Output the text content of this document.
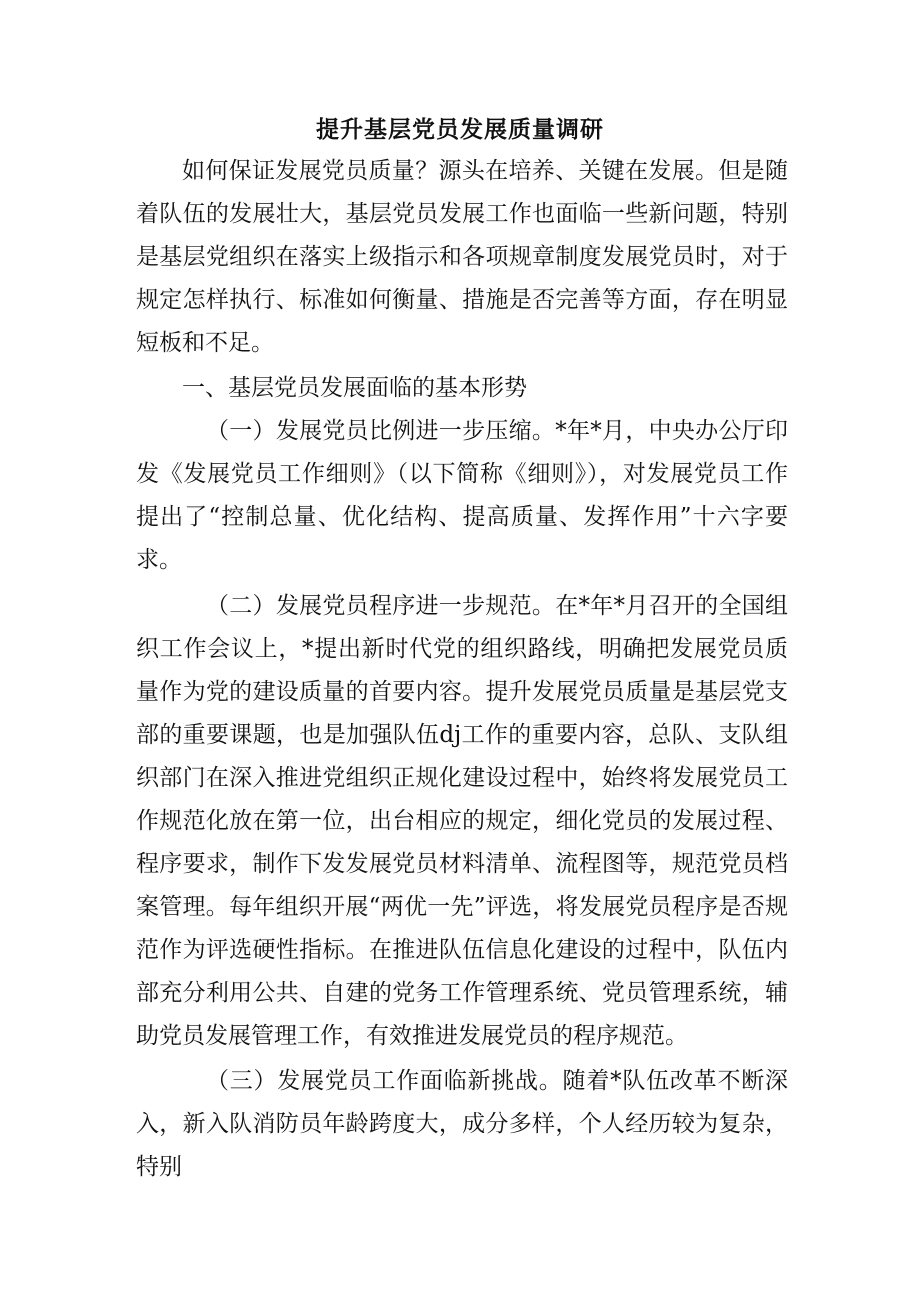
提升基层党员发展质量调研

如何保证发展党员质量？源头在培养、关键在发展。但是随着队伍的发展壮大，基层党员发展工作也面临一些新问题，特别是基层党组织在落实上级指示和各项规章制度发展党员时，对于规定怎样执行、标准如何衡量、措施是否完善等方面，存在明显短板和不足。

一、基层党员发展面临的基本形势

（一）发展党员比例进一步压缩。*年*月，中央办公厅印发《发展党员工作细则》（以下简称《细则》），对发展党员工作提出了“控制总量、优化结构、提高质量、发挥作用”十六字要求。

（二）发展党员程序进一步规范。在*年*月召开的全国组织工作会议上，*提出新时代党的组织路线，明确把发展党员质量作为党的建设质量的首要内容。提升发展党员质量是基层党支部的重要课题，也是加强队伍dj工作的重要内容，总队、支队组织部门在深入推进党组织正规化建设过程中，始终将发展党员工作规范化放在第一位，出台相应的规定，细化党员的发展过程、程序要求，制作下发发展党员材料清单、流程图等，规范党员档案管理。每年组织开展“两优一先”评选，将发展党员程序是否规范作为评选硬性指标。在推进队伍信息化建设的过程中，队伍内部充分利用公共、自建的党务工作管理系统、党员管理系统，辅助党员发展管理工作，有效推进发展党员的程序规范。

（三）发展党员工作面临新挑战。随着*队伍改革不断深入，新入队消防员年龄跨度大，成分多样，个人经历较为复杂，特别
